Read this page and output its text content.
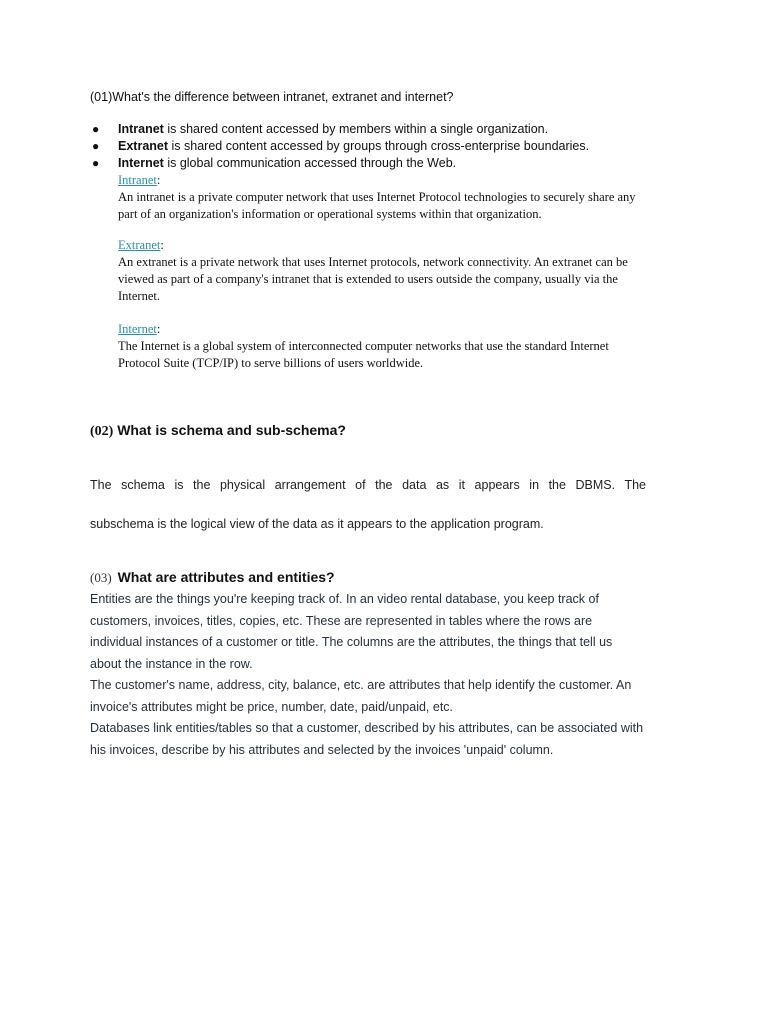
(01)What's the difference between intranet, extranet and internet?
● Intranet is shared content accessed by members within a single organization.
● Extranet is shared content accessed by groups through cross-enterprise boundaries.
● Internet is global communication accessed through the Web.
Intranet:
An intranet is a private computer network that uses Internet Protocol technologies to securely share any
part of an organization's information or operational systems within that organization.
Extranet:
An extranet is a private network that uses Internet protocols, network connectivity. An extranet can be
viewed as part of a company's intranet that is extended to users outside the company, usually via the
Internet.
Internet:
The Internet is a global system of interconnected computer networks that use the standard Internet
Protocol Suite (TCP/IP) to serve billions of users worldwide.
(02) What is schema and sub-schema?
The schema is the physical arrangement of the data as it appears in the DBMS. The
subschema is the logical view of the data as it appears to the application program.
(03) What are attributes and entities?
Entities are the things you're keeping track of. In an video rental database, you keep track of
customers, invoices, titles, copies, etc. These are represented in tables where the rows are
individual instances of a customer or title. The columns are the attributes, the things that tell us
about the instance in the row.
The customer's name, address, city, balance, etc. are attributes that help identify the customer. An
invoice's attributes might be price, number, date, paid/unpaid, etc.
Databases link entities/tables so that a customer, described by his attributes, can be associated with
his invoices, describe by his attributes and selected by the invoices 'unpaid' column.
